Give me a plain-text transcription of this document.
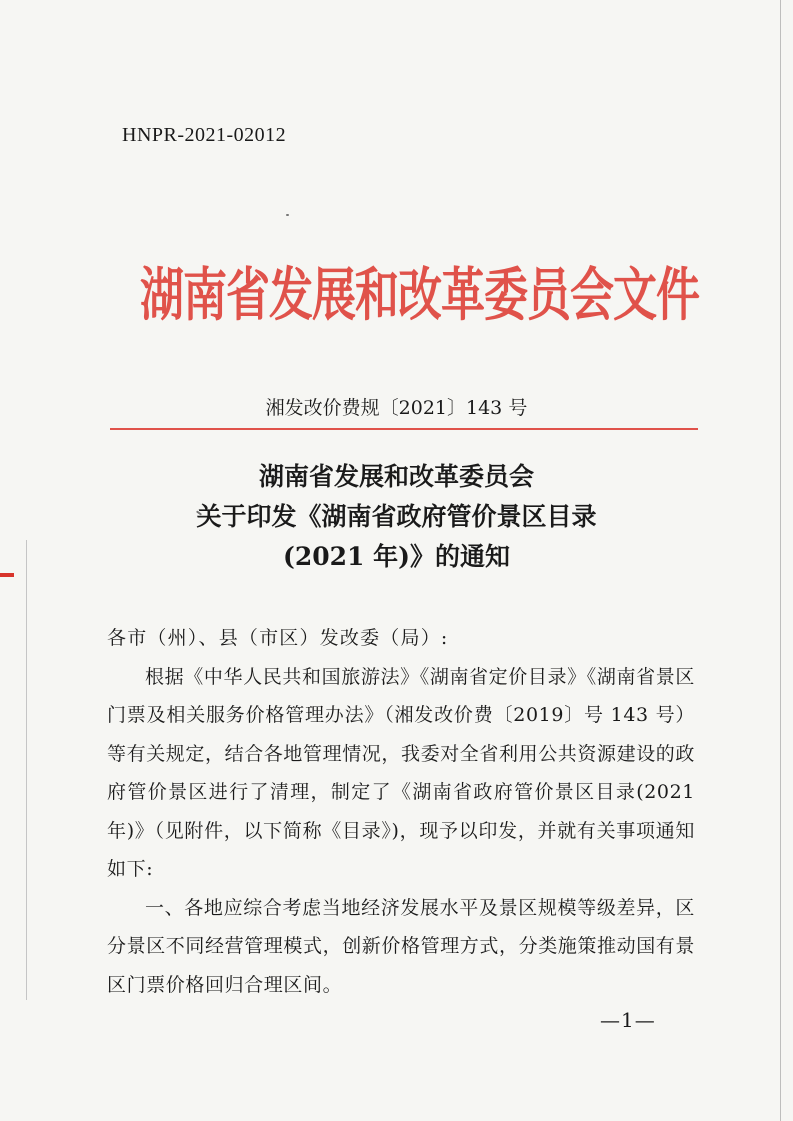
HNPR-2021-02012
湖南省发展和改革委员会文件
湘发改价费规〔2021〕143 号
湖南省发展和改革委员会
关于印发《湖南省政府管价景区目录
(2021 年)》的通知

各市（州）、县（市区）发改委（局）:

根据《中华人民共和国旅游法》《湖南省定价目录》《湖南省景区门票及相关服务价格管理办法》（湘发改价费〔2019〕号 143 号）等有关规定，结合各地管理情况，我委对全省利用公共资源建设的政府管价景区进行了清理，制定了《湖南省政府管价景区目录(2021 年)》（见附件，以下简称《目录》)，现予以印发，并就有关事项通知如下:

一、各地应综合考虑当地经济发展水平及景区规模等级差异，区分景区不同经营管理模式，创新价格管理方式，分类施策推动国有景区门票价格回归合理区间。

—1—
